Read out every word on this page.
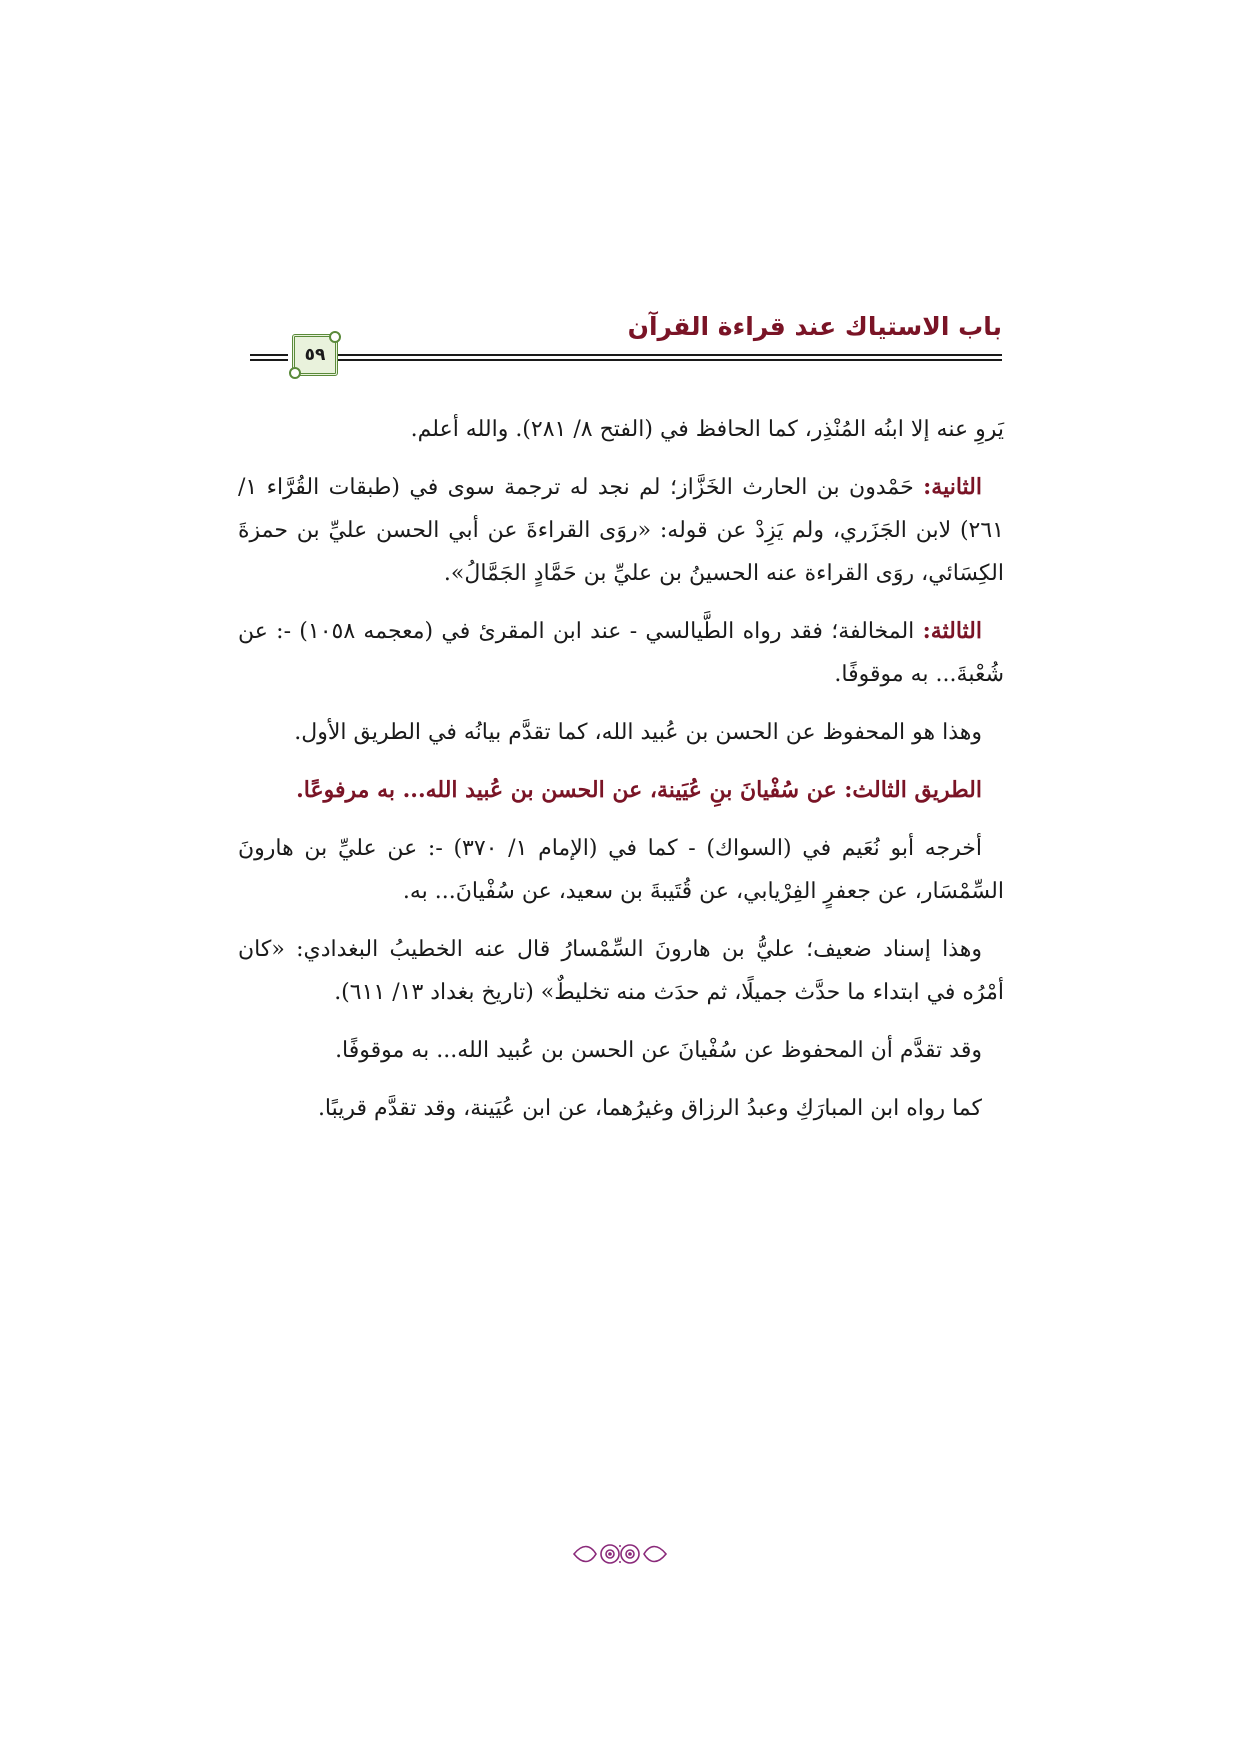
باب الاستياك عند قراءة القرآن
٥٩

يَروِ عنه إلا ابنُه المُنْذِر، كما الحافظ في (الفتح ٨/ ٢٨١). والله أعلم.

الثانية: حَمْدون بن الحارث الخَزَّاز؛ لم نجد له ترجمة سوى في (طبقات القُرَّاء ١/ ٢٦١) لابن الجَزَري، ولم يَزِدْ عن قوله: «روَى القراءةَ عن أبي الحسن عليِّ بن حمزةَ الكِسَائي، روَى القراءة عنه الحسينُ بن عليِّ بن حَمَّادٍ الجَمَّالُ».

الثالثة: المخالفة؛ فقد رواه الطَّيالسي - عند ابن المقرئ في (معجمه ١٠٥٨) -: عن شُعْبةَ... به موقوفًا.

وهذا هو المحفوظ عن الحسن بن عُبيد الله، كما تقدَّم بيانُه في الطريق الأول.

الطريق الثالث: عن سُفْيانَ بنِ عُيَينة، عن الحسن بن عُبيد الله... به مرفوعًا.

أخرجه أبو نُعَيم في (السواك) - كما في (الإمام ١/ ٣٧٠) -: عن عليِّ بن هارونَ السِّمْسَار، عن جعفرٍ الفِرْيابي، عن قُتَيبةَ بن سعيد، عن سُفْيانَ... به.

وهذا إسناد ضعيف؛ عليُّ بن هارونَ السِّمْسارُ قال عنه الخطيبُ البغدادي: «كان أمْرُه في ابتداء ما حدَّث جميلًا، ثم حدَث منه تخليطٌ» (تاريخ بغداد ١٣/ ٦١١).

وقد تقدَّم أن المحفوظ عن سُفْيانَ عن الحسن بن عُبيد الله... به موقوفًا.

كما رواه ابن المبارَكِ وعبدُ الرزاق وغيرُهما، عن ابن عُيَينة، وقد تقدَّم قريبًا.
